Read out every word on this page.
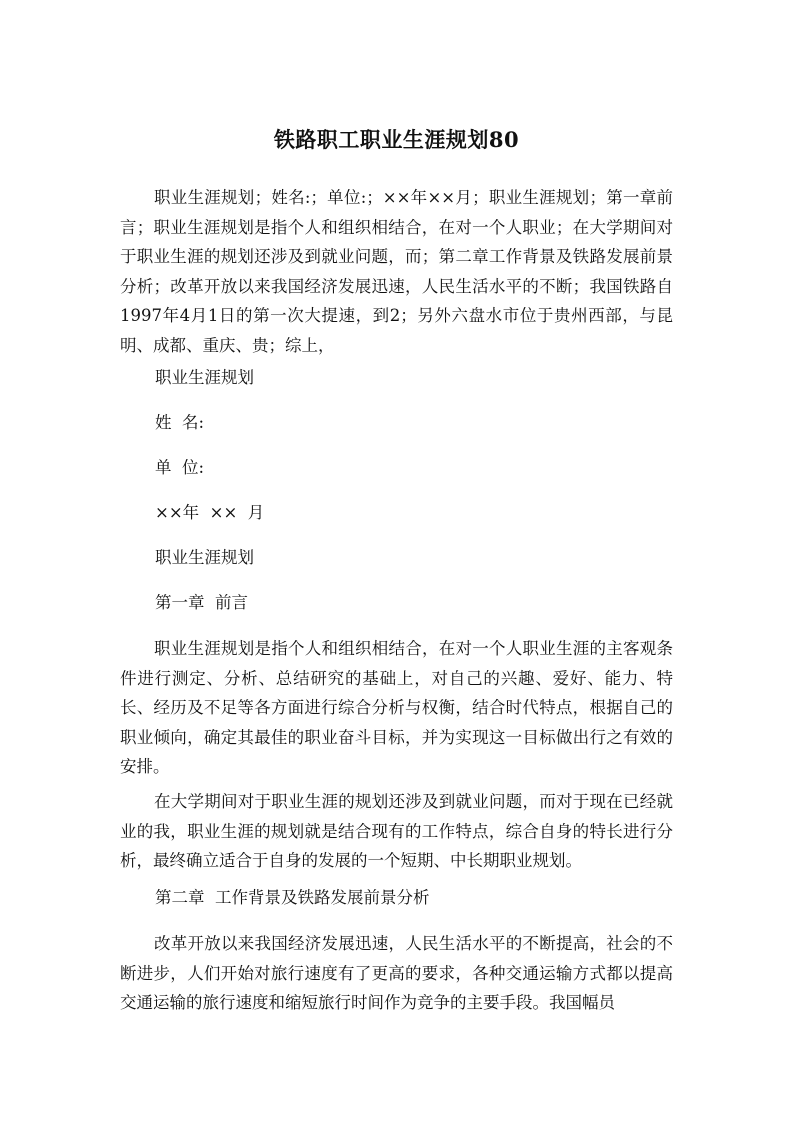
铁路职工职业生涯规划80

职业生涯规划；姓名:；单位:；××年××月；职业生涯规划；第一章前言；职业生涯规划是指个人和组织相结合，在对一个人职业；在大学期间对于职业生涯的规划还涉及到就业问题，而；第二章工作背景及铁路发展前景分析；改革开放以来我国经济发展迅速，人民生活水平的不断；我国铁路自1997年4月1日的第一次大提速，到2；另外六盘水市位于贵州西部，与昆明、成都、重庆、贵；综上，

职业生涯规划

姓  名:

单  位:

××年  ××  月

职业生涯规划

第一章  前言

职业生涯规划是指个人和组织相结合，在对一个人职业生涯的主客观条件进行测定、分析、总结研究的基础上，对自己的兴趣、爱好、能力、特长、经历及不足等各方面进行综合分析与权衡，结合时代特点，根据自己的职业倾向，确定其最佳的职业奋斗目标，并为实现这一目标做出行之有效的安排。

在大学期间对于职业生涯的规划还涉及到就业问题，而对于现在已经就业的我，职业生涯的规划就是结合现有的工作特点，综合自身的特长进行分析，最终确立适合于自身的发展的一个短期、中长期职业规划。

第二章  工作背景及铁路发展前景分析

改革开放以来我国经济发展迅速，人民生活水平的不断提高，社会的不断进步，人们开始对旅行速度有了更高的要求，各种交通运输方式都以提高交通运输的旅行速度和缩短旅行时间作为竞争的主要手段。我国幅员
